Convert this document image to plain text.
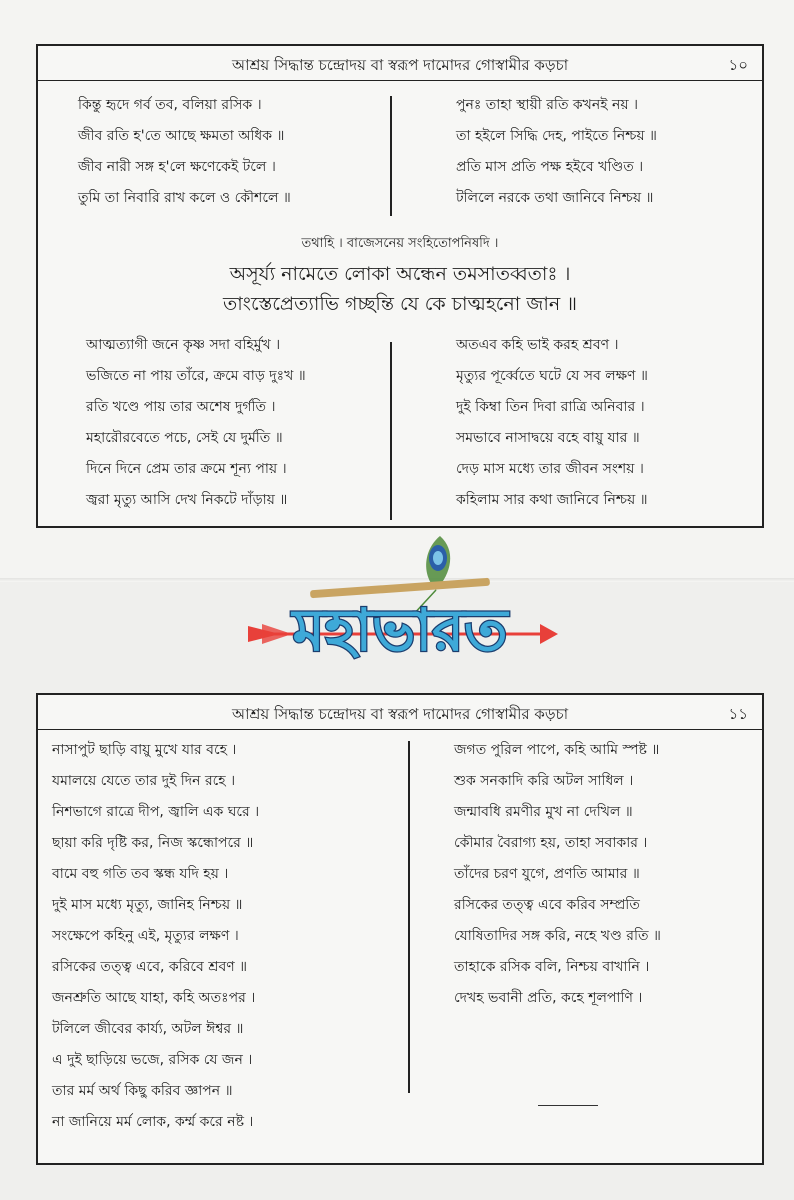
আশ্রয় সিদ্ধান্ত চন্দ্রোদয় বা স্বরূপ দামোদর গোস্বামীর কড়চা	১০
কিন্তু হৃদে গর্ব তব, বলিয়া রসিক ।
জীব রতি হ'তে আছে ক্ষমতা অধিক ॥
জীব নারী সঙ্গ হ'লে ক্ষণেকেই টলে ।
তুমি তা নিবারি রাখ কলে ও কৌশলে ॥
পুনঃ তাহা স্থায়ী রতি কখনই নয় ।
তা হইলে সিদ্ধি দেহ, পাইতে নিশ্চয় ॥
প্রতি মাস প্রতি পক্ষ হইবে খণ্ডিত ।
টলিলে নরকে তথা জানিবে নিশ্চয় ॥
তথাহি । বাজেসনেয় সংহিতোপনিষদি ।
অসূর্য্য নামেতে লোকা অন্ধেন তমসাতব্বতাঃ ।
তাংস্তেপ্রেত্যাভি গচ্ছন্তি যে কে চাত্মহনো জান ॥
আত্মত্যাগী জনে কৃষ্ণ সদা বহির্মুখ ।
ভজিতে না পায় তাঁরে, ক্রমে বাড় দুঃখ ॥
রতি খণ্ডে পায় তার অশেষ দুর্গতি ।
মহারৌরবেতে পচে, সেই যে দুর্মতি ॥
দিনে দিনে প্রেম তার ক্রমে শূন্য পায় ।
জ্বরা মৃত্যু আসি দেখ নিকটে দাঁড়ায় ॥
অতএব কহি ভাই করহ শ্রবণ ।
মৃত্যুর পূর্ব্বেতে ঘটে যে সব লক্ষণ ॥
দুই কিম্বা তিন দিবা রাত্রি অনিবার ।
সমভাবে নাসাদ্বয়ে বহে বায়ু যার ॥
দেড় মাস মধ্যে তার জীবন সংশয় ।
কহিলাম সার কথা জানিবে নিশ্চয় ॥
মহাভারত
আশ্রয় সিদ্ধান্ত চন্দ্রোদয় বা স্বরূপ দামোদর গোস্বামীর কড়চা	১১
নাসাপুট ছাড়ি বায়ু মুখে যার বহে ।
যমালয়ে যেতে তার দুই দিন রহে ।
নিশভাগে রাত্রে দীপ, জ্বালি এক ঘরে ।
ছায়া করি দৃষ্টি কর, নিজ স্কন্ধোপরে ॥
বামে বহু গতি তব স্কন্ধ যদি হয় ।
দুই মাস মধ্যে মৃত্যু, জানিহ নিশ্চয় ॥
সংক্ষেপে কহিনু এই, মৃত্যুর লক্ষণ ।
রসিকের তত্ত্ব এবে, করিবে শ্রবণ ॥
জনশ্রুতি আছে যাহা, কহি অতঃপর ।
টলিলে জীবের কার্য্য, অটল ঈশ্বর ॥
এ দুই ছাড়িয়ে ভজে, রসিক যে জন ।
তার মর্ম অর্থ কিছু করিব জ্ঞাপন ॥
না জানিয়ে মর্ম লোক, কর্ম্ম করে নষ্ট ।
জগত পুরিল পাপে, কহি আমি স্পষ্ট ॥
শুক সনকাদি করি অটল সাধিল ।
জন্মাবধি রমণীর মুখ না দেখিল ॥
কৌমার বৈরাগ্য হয়, তাহা সবাকার ।
তাঁদের চরণ যুগে, প্রণতি আমার ॥
রসিকের তত্ত্ব এবে করিব সম্প্রতি
যোষিতাদির সঙ্গ করি, নহে খণ্ড রতি ॥
তাহাকে রসিক বলি, নিশ্চয় বাখানি ।
দেখহ ভবানী প্রতি, কহে শূলপাণি ।
